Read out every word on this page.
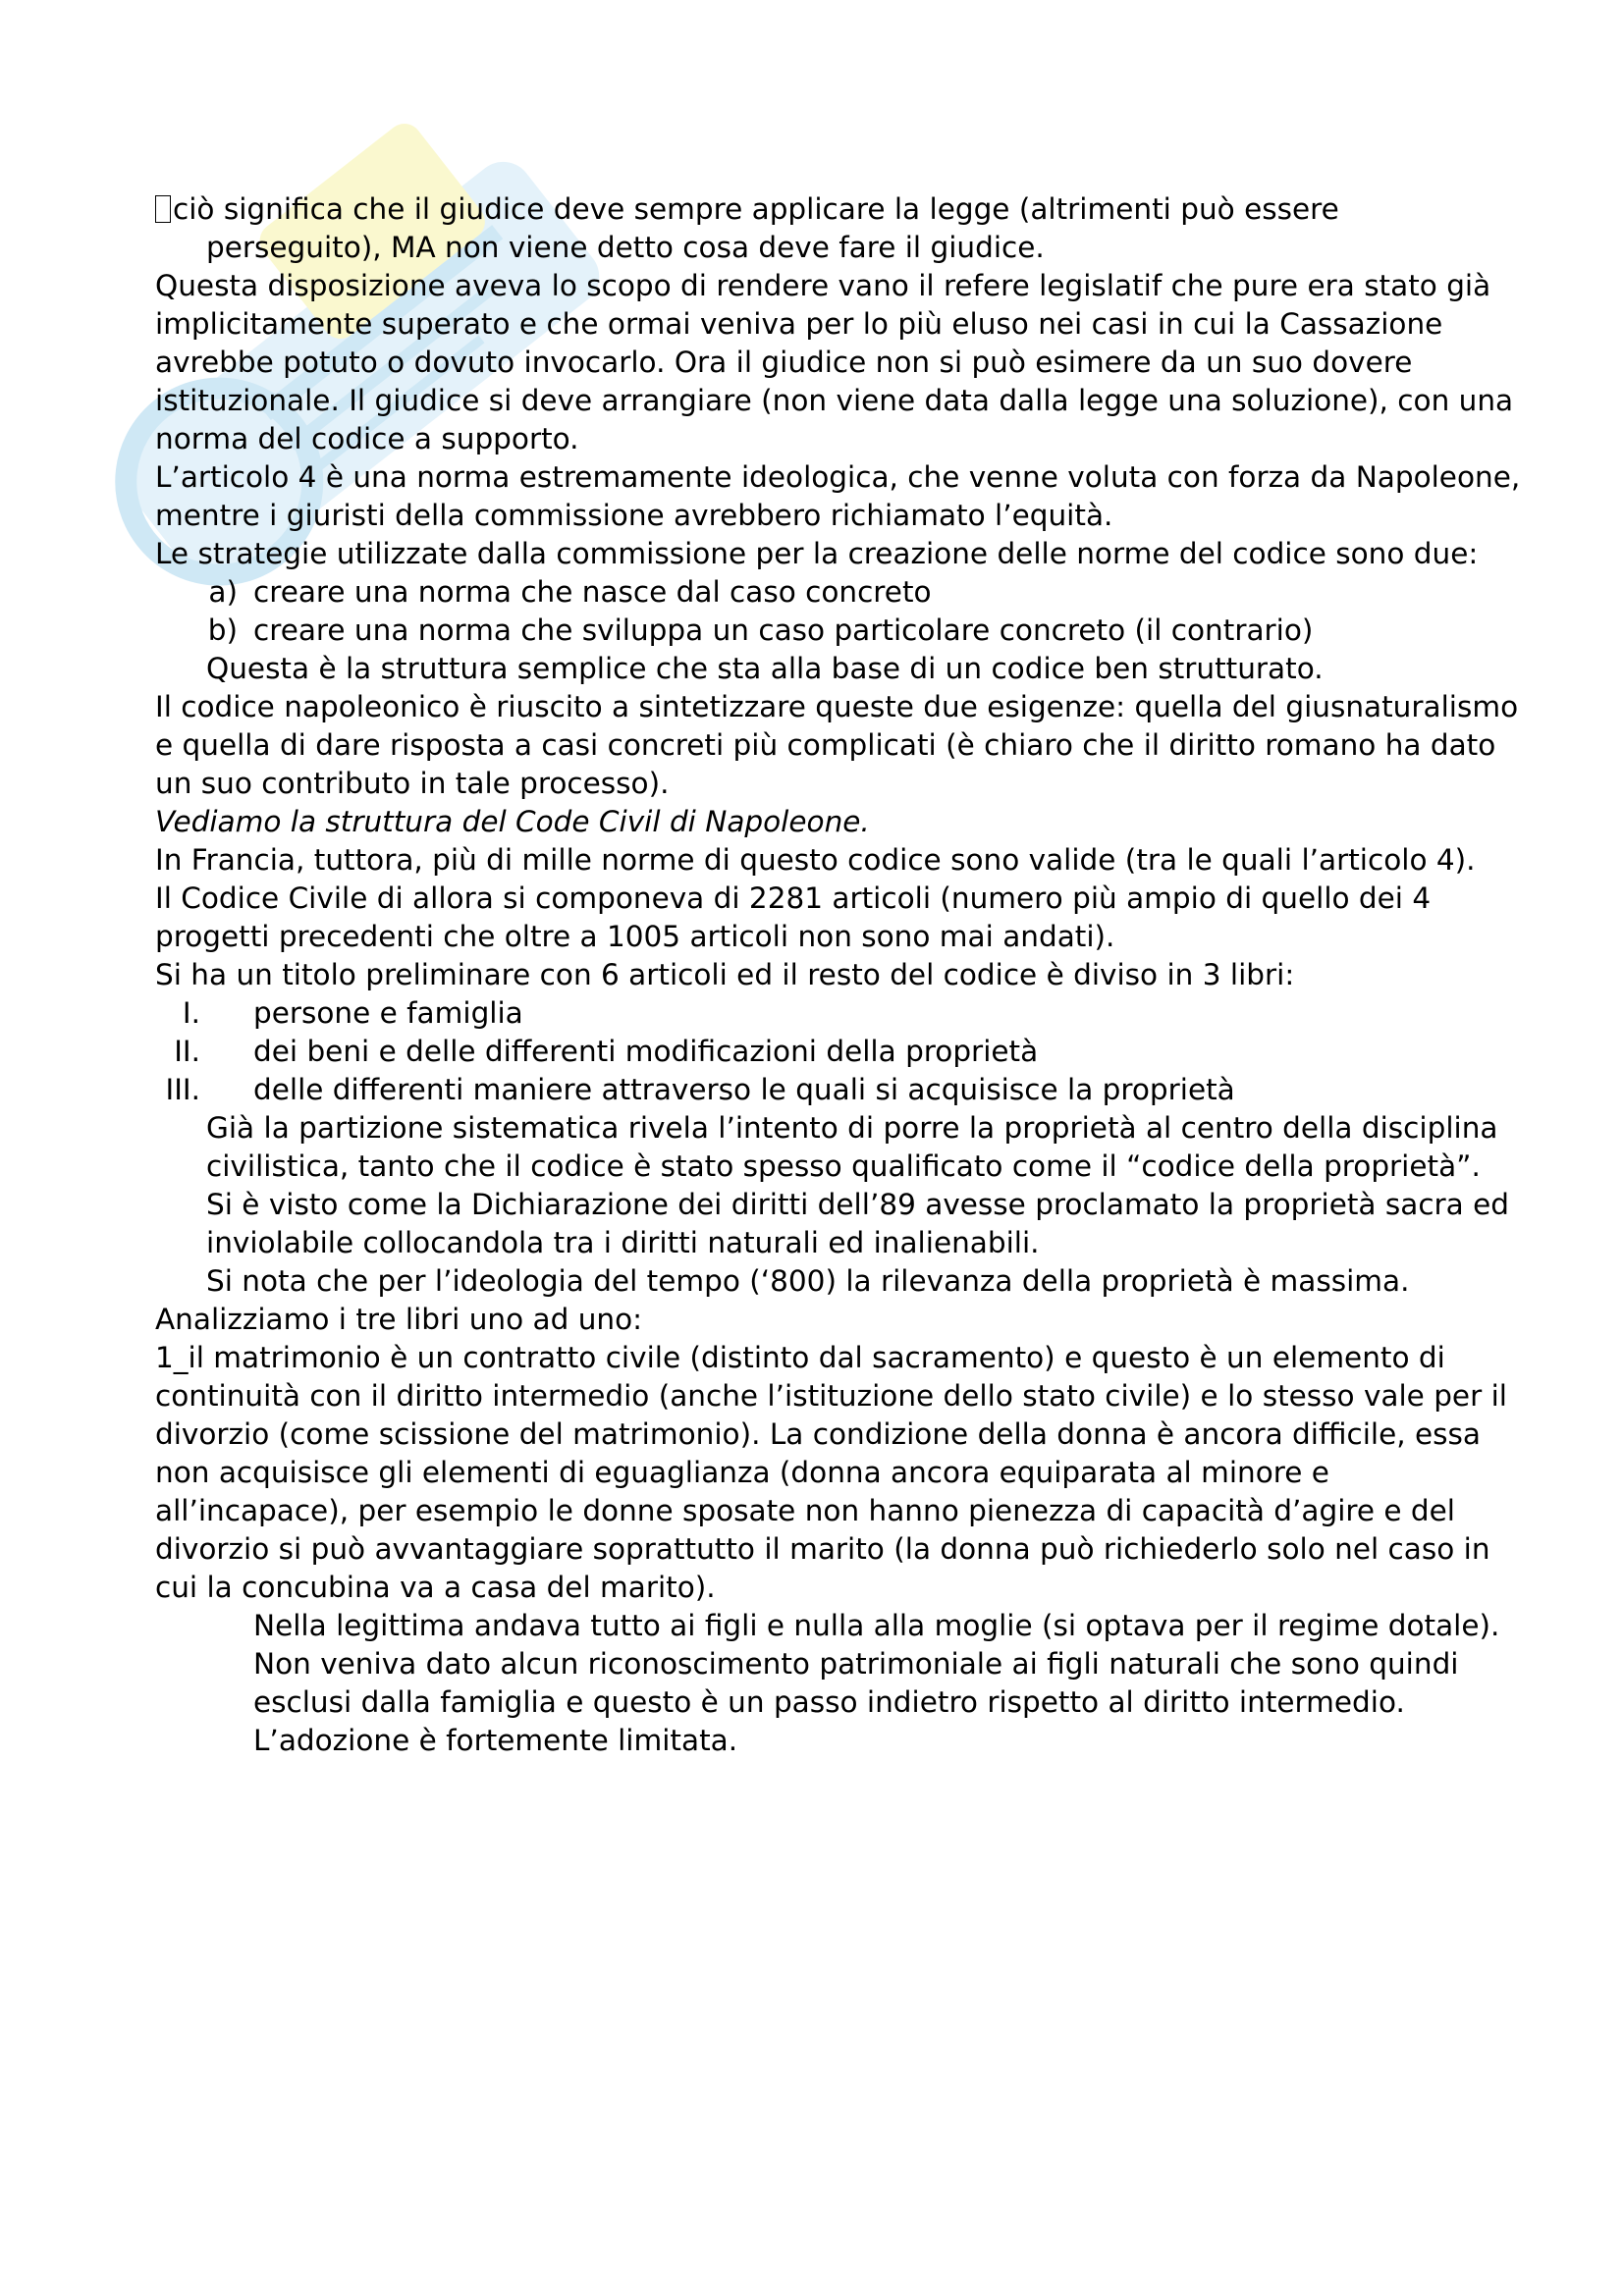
ciò significa che il giudice deve sempre applicare la legge (altrimenti può essere

perseguito), MA non viene detto cosa deve fare il giudice.

Questa disposizione aveva lo scopo di rendere vano il refere legislatif che pure era stato già implicitamente superato e che ormai veniva per lo più eluso nei casi in cui la Cassazione avrebbe potuto o dovuto invocarlo. Ora il giudice non si può esimere da un suo dovere istituzionale. Il giudice si deve arrangiare (non viene data dalla legge una soluzione), con una norma del codice a supporto.

L’articolo 4 è una norma estremamente ideologica, che venne voluta con forza da Napoleone, mentre i giuristi della commissione avrebbero richiamato l’equità.

Le strategie utilizzate dalla commissione per la creazione delle norme del codice sono due:

a) creare una norma che nasce dal caso concreto
b) creare una norma che sviluppa un caso particolare concreto (il contrario)

Questa è la struttura semplice che sta alla base di un codice ben strutturato.

Il codice napoleonico è riuscito a sintetizzare queste due esigenze: quella del giusnaturalismo e quella di dare risposta a casi concreti più complicati (è chiaro che il diritto romano ha dato un suo contributo in tale processo).

Vediamo la struttura del Code Civil di Napoleone.

In Francia, tuttora, più di mille norme di questo codice sono valide (tra le quali l’articolo 4).

Il Codice Civile di allora si componeva di 2281 articoli (numero più ampio di quello dei 4 progetti precedenti che oltre a 1005 articoli non sono mai andati).

Si ha un titolo preliminare con 6 articoli ed il resto del codice è diviso in 3 libri:

I.	persone e famiglia
II.	dei beni e delle differenti modificazioni della proprietà
III.	delle differenti maniere attraverso le quali si acquisisce la proprietà

Già la partizione sistematica rivela l’intento di porre la proprietà al centro della disciplina civilistica, tanto che il codice è stato spesso qualificato come il “codice della proprietà”.

Si è visto come la Dichiarazione dei diritti dell’89 avesse proclamato la proprietà sacra ed inviolabile collocandola tra i diritti naturali ed inalienabili.

Si nota che per l’ideologia del tempo (‘800) la rilevanza della proprietà è massima.

Analizziamo i tre libri uno ad uno:

1_il matrimonio è un contratto civile (distinto dal sacramento) e questo è un elemento di continuità con il diritto intermedio (anche l’istituzione dello stato civile) e lo stesso vale per il divorzio (come scissione del matrimonio). La condizione della donna è ancora difficile, essa non acquisisce gli elementi di eguaglianza (donna ancora equiparata al minore e all’incapace), per esempio le donne sposate non hanno pienezza di capacità d’agire e del divorzio si può avvantaggiare soprattutto il marito (la donna può richiederlo solo nel caso in cui la concubina va a casa del marito).

Nella legittima andava tutto ai figli e nulla alla moglie (si optava per il regime dotale).

Non veniva dato alcun riconoscimento patrimoniale ai figli naturali che sono quindi esclusi dalla famiglia e questo è un passo indietro rispetto al diritto intermedio.

L’adozione è fortemente limitata.
